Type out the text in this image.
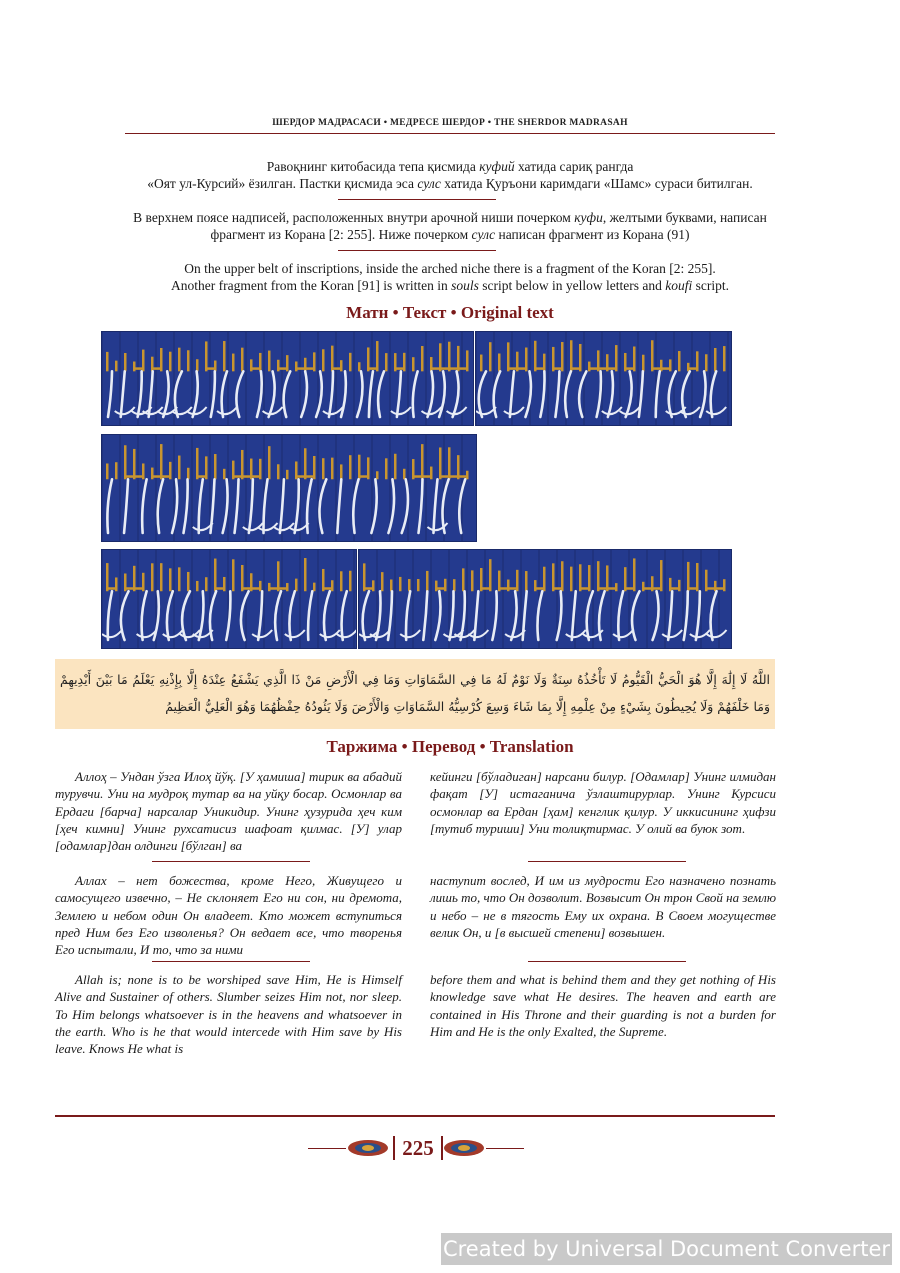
ШЕРДОР МАДРАСАСИ • МЕДРЕСЕ ШЕРДОР • THE SHERDOR MADRASAH
Равоқнинг китобасида тепа қисмида куфий хатида сариқ рангда
«Оят ул-Курсий» ёзилган. Пастки қисмида эса сулс хатида Қуръони каримдаги «Шамс» сураси битилган.
В верхнем поясе надписей, расположенных внутри арочной ниши почерком куфи, желтыми буквами, написан
фрагмент из Корана [2: 255]. Ниже почерком сулс написан фрагмент из Корана (91)
On the upper belt of inscriptions, inside the arched niche there is a fragment of the Koran [2: 255].
Another fragment from the Koran [91] is written in souls script below in yellow letters and koufi script.
Матн • Текст • Original text
اللَّهُ لَا إِلَٰهَ إِلَّا هُوَ الْحَيُّ الْقَيُّومُ لَا تَأْخُذُهُ سِنَةٌ وَلَا نَوْمٌ لَهُ مَا فِي السَّمَاوَاتِ وَمَا فِي الْأَرْضِ مَنْ ذَا الَّذِي يَشْفَعُ عِنْدَهُ إِلَّا بِإِذْنِهِ يَعْلَمُ مَا بَيْنَ أَيْدِيهِمْ وَمَا خَلْفَهُمْ وَلَا يُحِيطُونَ بِشَيْءٍ مِنْ عِلْمِهِ إِلَّا بِمَا شَاءَ وَسِعَ كُرْسِيُّهُ السَّمَاوَاتِ وَالْأَرْضَ وَلَا يَئُودُهُ حِفْظُهُمَا وَهُوَ الْعَلِيُّ الْعَظِيمُ
Таржима • Перевод • Translation
Аллоҳ – Ундан ўзга Илоҳ йўқ. [У ҳамиша] тирик ва абадий турувчи. Уни на мудроқ тутар ва на уйқу босар. Осмонлар ва Ердаги [барча] нарсалар Уникидир. Унинг ҳузурида ҳеч ким [ҳеч кимни] Унинг рухсатисиз шафоат қилмас. [У] улар [одамлар]дан олдинги [бўлган] ва
кейинги [бўладиган] нарсани билур. [Одамлар] Унинг илмидан фақат [У] истаганича ўзлаштирурлар. Унинг Курсиси осмонлар ва Ердан [ҳам] кенглик қилур. У иккисининг ҳифзи [тутиб туриши] Уни толиқтирмас. У олий ва буюк зот.
Аллах – нет божества, кроме Него, Живущего и самосущего извечно, – Не склоняет Его ни сон, ни дремота, Землею и небом один Он владеет. Кто может вступиться пред Ним без Его изволенья? Он ведает все, что творенья Его испытали, И то, что за ними
наступит вослед, И им из мудрости Его назначено познать лишь то, что Он дозволит. Возвысит Он трон Свой на землю и небо – не в тягость Ему их охрана. В Своем могуществе велик Он, и [в высшей степени] возвышен.
Allah is; none is to be worshiped save Him, He is Himself Alive and Sustainer of others. Slumber seizes Him not, nor sleep. To Him belongs whatsoever is in the heavens and whatsoever in the earth. Who is he that would intercede with Him save by His leave. Knows He what is
before them and what is behind them and they get nothing of His knowledge save what He desires. The heaven and earth are contained in His Throne and their guarding is not a burden for Him and He is the only Exalted, the Supreme.
225
Created by Universal Document Converter
